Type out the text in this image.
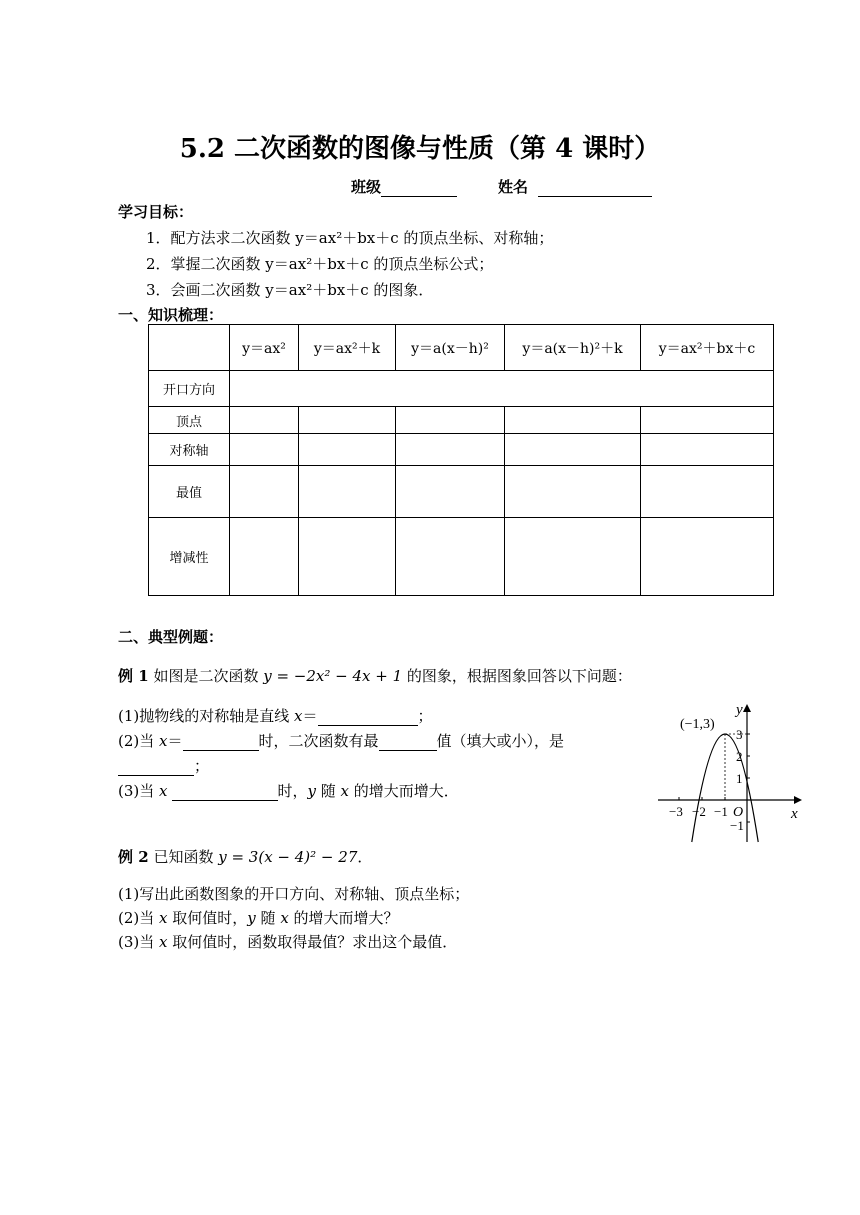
5.2 二次函数的图像与性质（第 4 课时）
班级	姓名
学习目标：
1．配方法求二次函数 y＝ax²＋bx＋c 的顶点坐标、对称轴；
2．掌握二次函数 y＝ax²＋bx＋c 的顶点坐标公式；
3．会画二次函数 y＝ax²＋bx＋c 的图象．
一、知识梳理：
	y＝ax²	y＝ax²＋k	y＝a(x－h)²	y＝a(x－h)²＋k	y＝ax²＋bx＋c
开口方向					
顶点					
对称轴					
最值					
增减性					
二、典型例题：
例 1 如图是二次函数 y = −2x² − 4x + 1 的图象，根据图象回答以下问题：
(1)抛物线的对称轴是直线 x＝	；
(2)当 x＝	时，二次函数有最	值（填大或小），是
；
(3)当 x	时，y 随 x 的增大而增大．
(−1,3)
y
x
O
−3 −2 −1
3
2
1
−1
例 2 已知函数 y = 3(x − 4)² − 27．
(1)写出此函数图象的开口方向、对称轴、顶点坐标；
(2)当 x 取何值时，y 随 x 的增大而增大？
(3)当 x 取何值时，函数取得最值？求出这个最值．
